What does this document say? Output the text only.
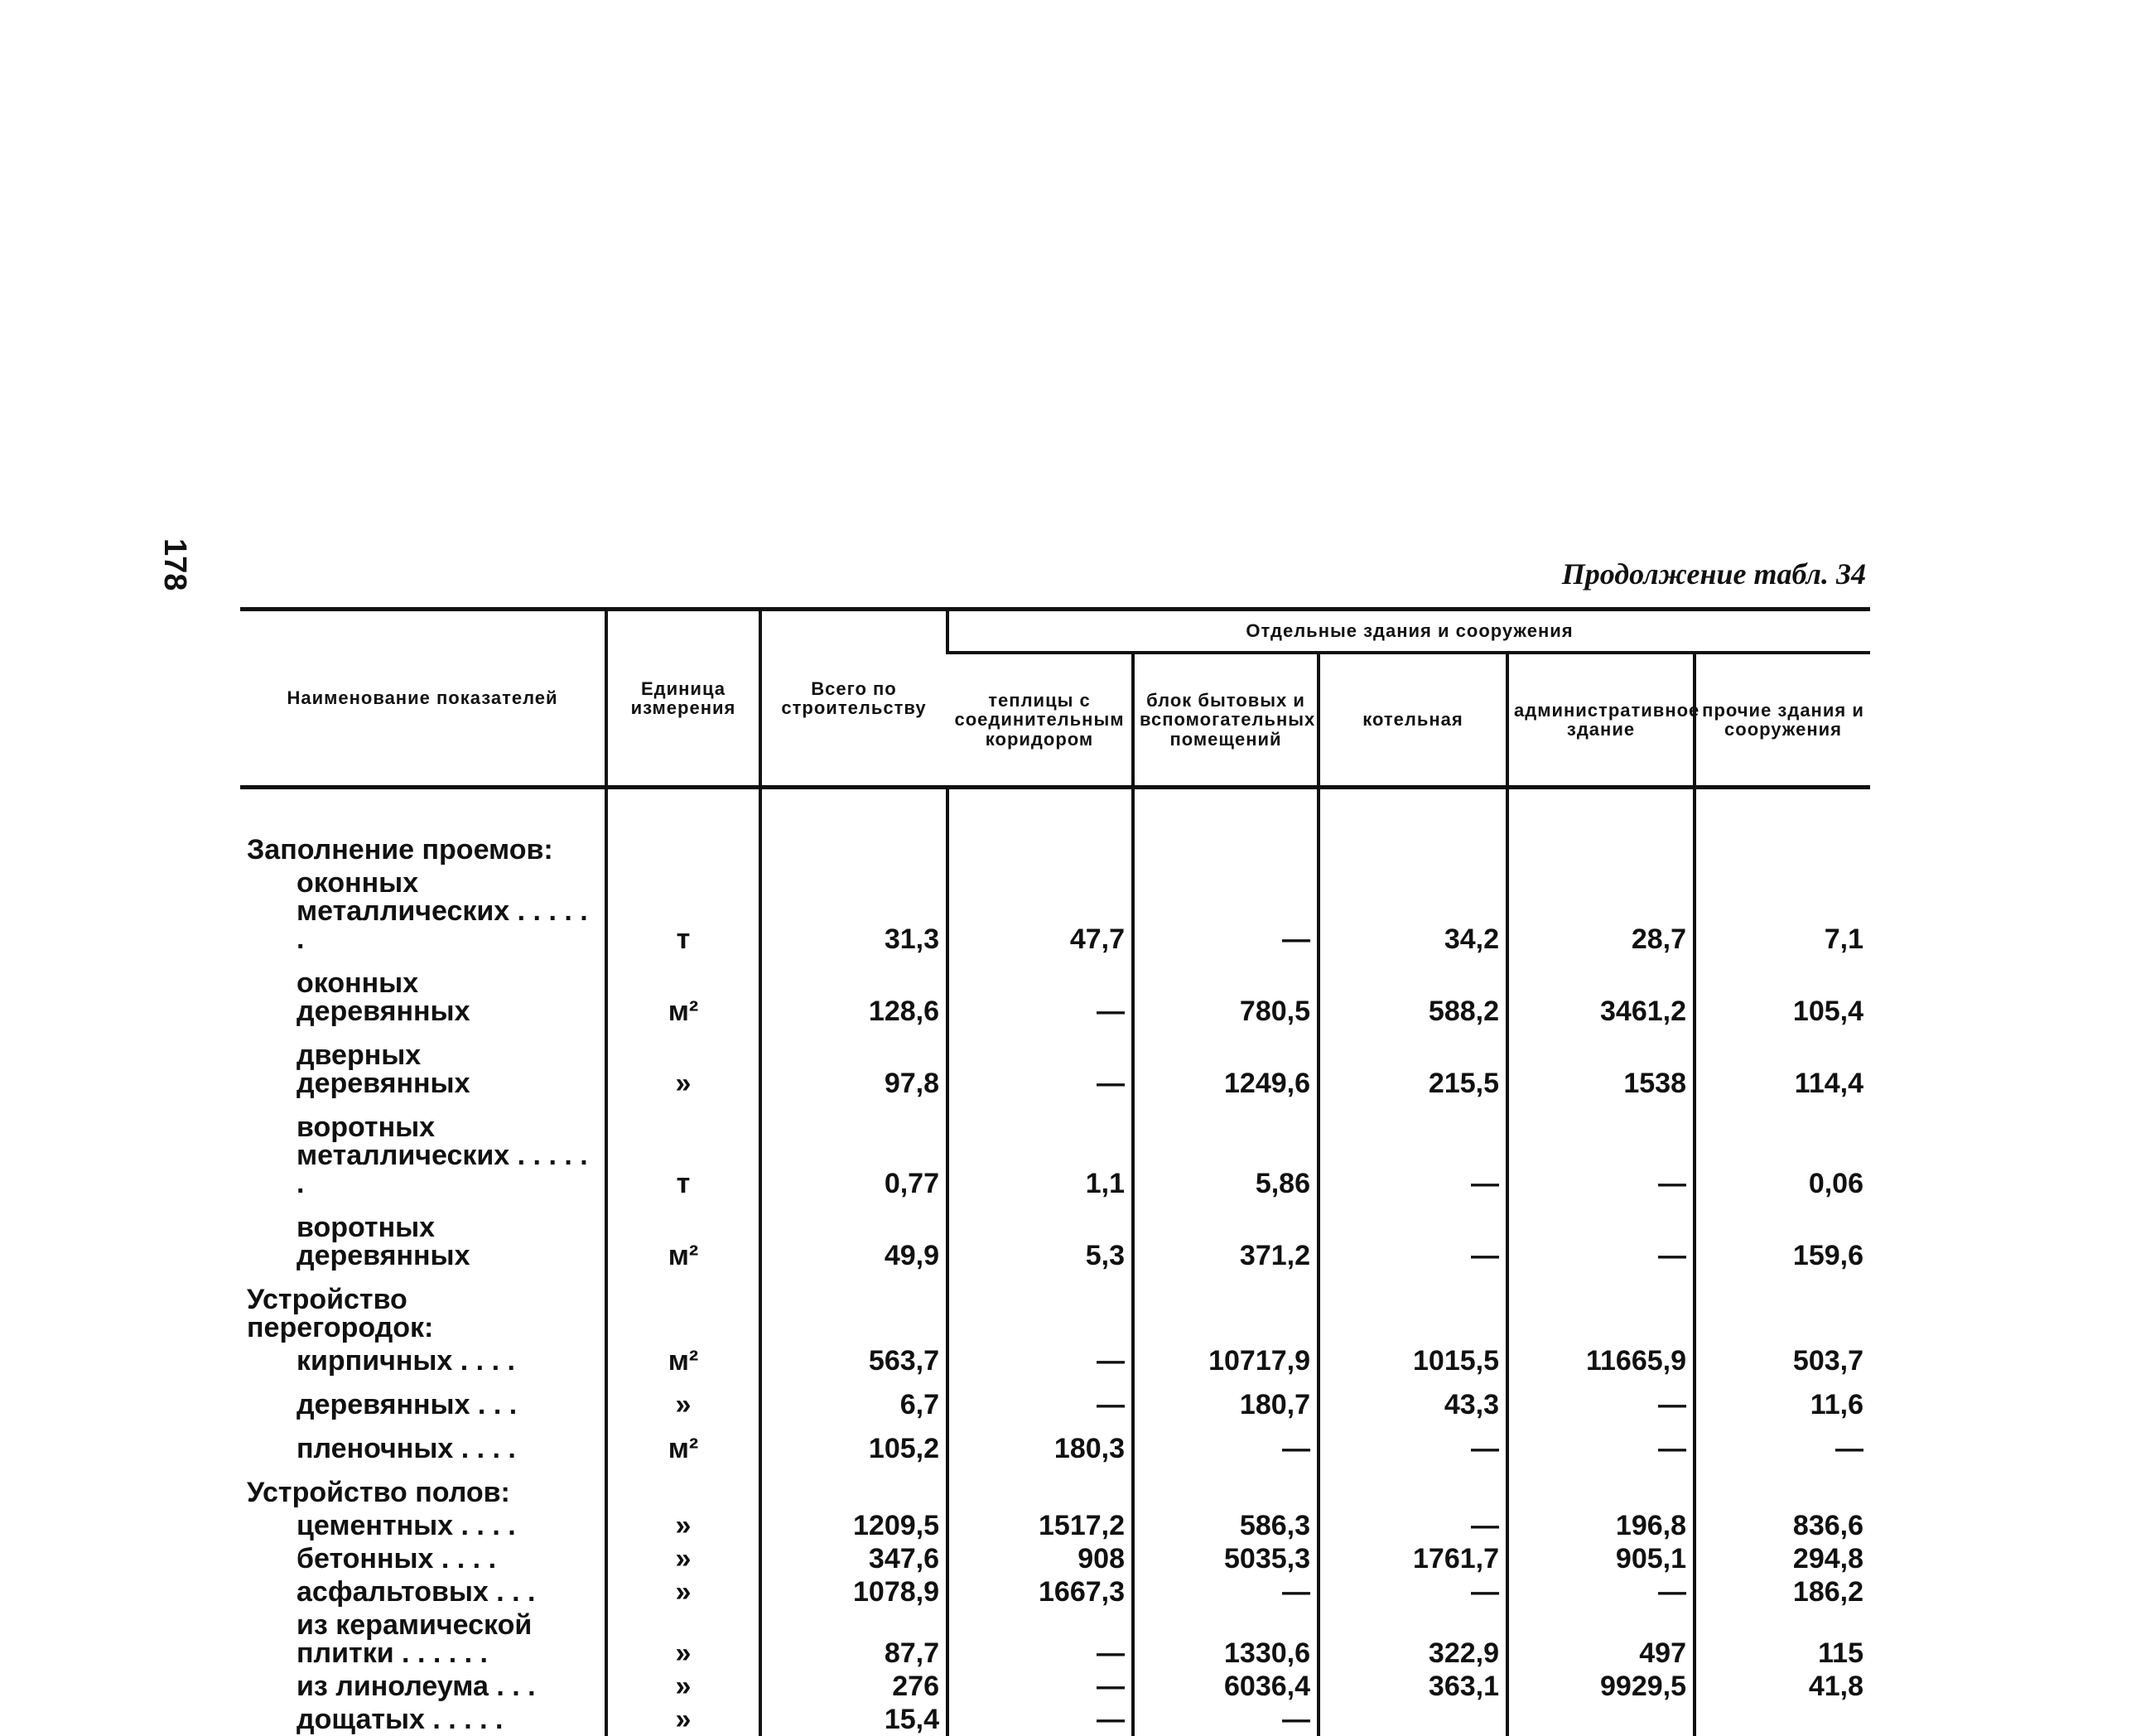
178	Продолжение табл. 34
Наименование показателей	Единица измерения	Всего по строительству	Отдельные здания и сооружения				
			теплицы с соединительным коридором	блок бытовых и вспомогательных помещений	котельная	административное здание	прочие здания и сооружения

Заполнение проемов:							
оконных металлических . . . . . .	т	31,3	47,7	—	34,2	28,7	7,1
оконных деревянных	м²	128,6	—	780,5	588,2	3461,2	105,4
дверных деревянных	»	97,8	—	1249,6	215,5	1538	114,4
воротных металлических . . . . . .	т	0,77	1,1	5,86	—	—	0,06
воротных деревянных	м²	49,9	5,3	371,2	—	—	159,6
Устройство перегородок:							
кирпичных . . . .	м²	563,7	—	10717,9	1015,5	11665,9	503,7
деревянных . . .	»	6,7	—	180,7	43,3	—	11,6
пленочных . . . .	м²	105,2	180,3	—	—	—	—
Устройство полов:							
цементных . . . .	»	1209,5	1517,2	586,3	—	196,8	836,6
бетонных . . . .	»	347,6	908	5035,3	1761,7	905,1	294,8
асфальтовых . . .	»	1078,9	1667,3	—	—	—	186,2
из керамической плитки . . . . . .	»	87,7	—	1330,6	322,9	497	115
из линолеума . . .	»	276	—	6036,4	363,1	9929,5	41,8
дощатых . . . . .	»	15,4	—	—			
